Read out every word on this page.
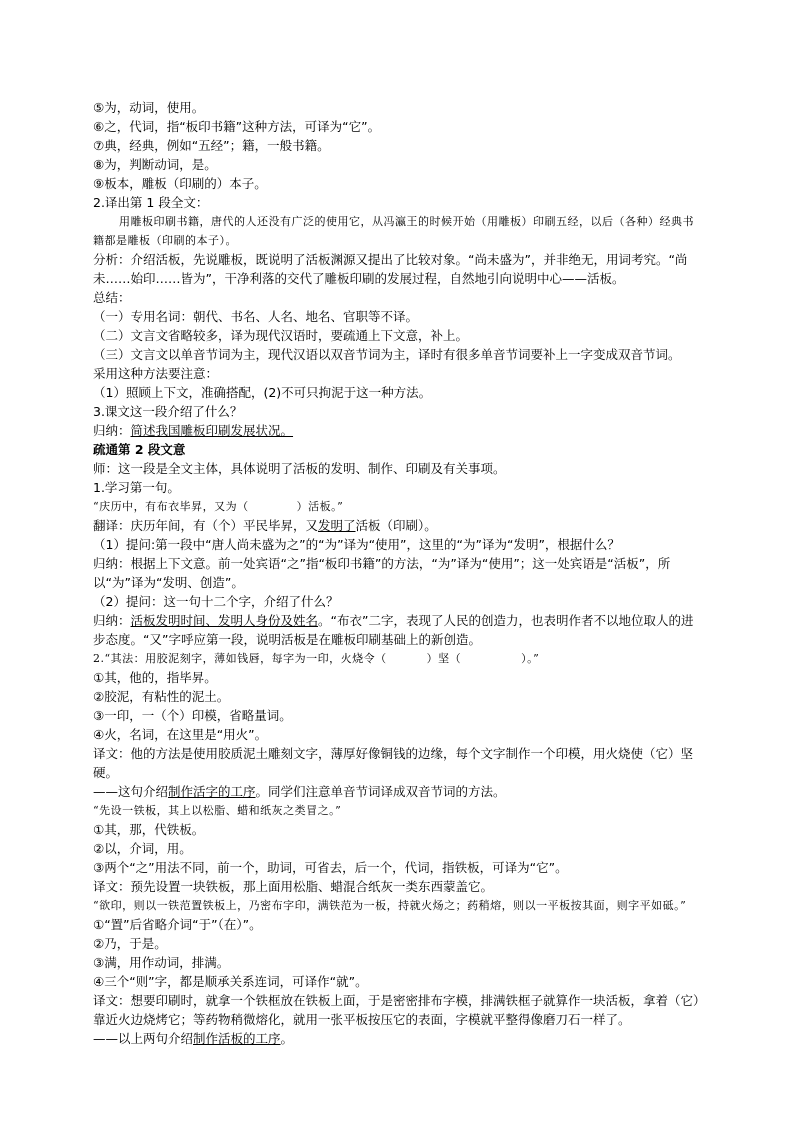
⑤为，动词，使用。
⑥之，代词，指“板印书籍”这种方法，可译为“它”。
⑦典，经典，例如“五经”；籍，一般书籍。
⑧为，判断动词，是。
⑨板本，雕板（印刷的）本子。
2.译出第 1 段全文：
用雕板印刷书籍，唐代的人还没有广泛的使用它，从冯瀛王的时候开始（用雕板）印刷五经，以后（各种）经典书籍都是雕板（印刷的本子）。
分析：介绍活板，先说雕板，既说明了活板渊源又提出了比较对象。“尚未盛为”，并非绝无，用词考究。“尚未……始印……皆为”，干净利落的交代了雕板印刷的发展过程，自然地引向说明中心——活板。
总结：
（一）专用名词：朝代、书名、人名、地名、官职等不译。
（二）文言文省略较多，译为现代汉语时，要疏通上下文意，补上。
（三）文言文以单音节词为主，现代汉语以双音节词为主，译时有很多单音节词要补上一字变成双音节词。
采用这种方法要注意：
（1）照顾上下文，准确搭配，(2)不可只拘泥于这一种方法。
3.课文这一段介绍了什么？
归纳：简述我国雕板印刷发展状况。
疏通第 2 段文意
师：这一段是全文主体，具体说明了活板的发明、制作、印刷及有关事项。
1.学习第一句。
“庆历中，有布衣毕昇，又为（	）活板。”
翻译：庆历年间，有（个）平民毕昇，又发明了活板（印刷）。
（1）提问:第一段中“唐人尚未盛为之”的“为”译为“使用”，这里的“为”译为“发明”，根据什么？
归纳：根据上下文意。前一处宾语“之”指“板印书籍”的方法，“为”译为“使用”；这一处宾语是“活板”，所以“为”译为“发明、创造”。
（2）提问：这一句十二个字，介绍了什么？
归纳：活板发明时间、发明人身份及姓名。“布衣”二字，表现了人民的创造力，也表明作者不以地位取人的进步态度。“又”字呼应第一段，说明活板是在雕板印刷基础上的新创造。
2.“其法：用胶泥刻字，薄如钱唇，每字为一印，火烧令（	）坚（	）。”
①其，他的，指毕昇。
②胶泥，有粘性的泥土。
③一印，一（个）印模，省略量词。
④火，名词，在这里是“用火”。
译文：他的方法是使用胶质泥土雕刻文字，薄厚好像铜钱的边缘，每个文字制作一个印模，用火烧使（它）坚硬。
——这句介绍制作活字的工序。同学们注意单音节词译成双音节词的方法。
“先设一铁板，其上以松脂、蜡和纸灰之类冒之。”
①其，那，代铁板。
②以，介词，用。
③两个“之”用法不同，前一个，助词，可省去，后一个，代词，指铁板，可译为“它”。
译文：预先设置一块铁板，那上面用松脂、蜡混合纸灰一类东西蒙盖它。
“欲印，则以一铁范置铁板上，乃密布字印，满铁范为一板，持就火炀之；药稍熔，则以一平板按其面，则字平如砥。”
①“置”后省略介词“于”（在）”。
②乃，于是。
③满，用作动词，排满。
④三个“则”字，都是顺承关系连词，可译作“就”。
译文：想要印刷时，就拿一个铁框放在铁板上面，于是密密排布字模，排满铁框子就算作一块活板，拿着（它）靠近火边烧烤它；等药物稍微熔化，就用一张平板按压它的表面，字模就平整得像磨刀石一样了。
——以上两句介绍制作活板的工序。
